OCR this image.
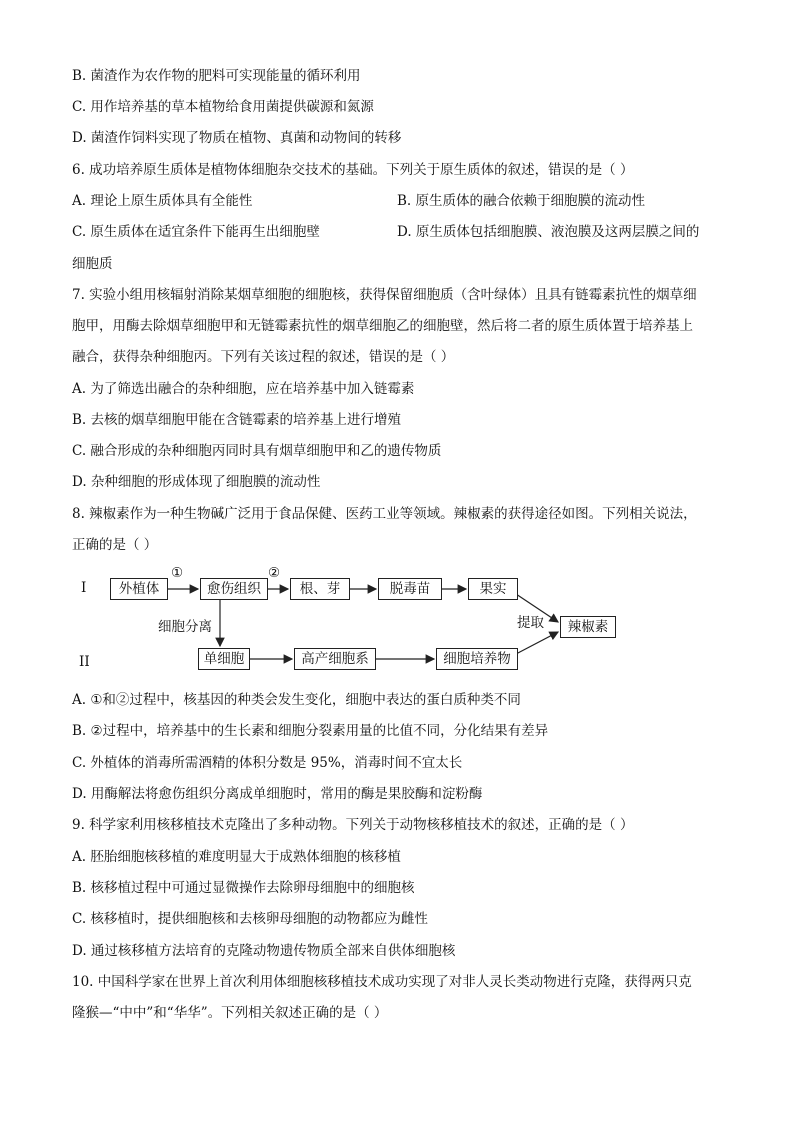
B. 菌渣作为农作物的肥料可实现能量的循环利用
C. 用作培养基的草本植物给食用菌提供碳源和氮源
D. 菌渣作饲料实现了物质在植物、真菌和动物间的转移
6. 成功培养原生质体是植物体细胞杂交技术的基础。下列关于原生质体的叙述，错误的是（ ）
A. 理论上原生质体具有全能性	B. 原生质体的融合依赖于细胞膜的流动性
C. 原生质体在适宜条件下能再生出细胞壁	D. 原生质体包括细胞膜、液泡膜及这两层膜之间的
细胞质
7. 实验小组用核辐射消除某烟草细胞的细胞核，获得保留细胞质（含叶绿体）且具有链霉素抗性的烟草细
胞甲，用酶去除烟草细胞甲和无链霉素抗性的烟草细胞乙的细胞壁，然后将二者的原生质体置于培养基上
融合，获得杂种细胞丙。下列有关该过程的叙述，错误的是（ ）
A. 为了筛选出融合的杂种细胞，应在培养基中加入链霉素
B. 去核的烟草细胞甲能在含链霉素的培养基上进行增殖
C. 融合形成的杂种细胞丙同时具有烟草细胞甲和乙的遗传物质
D. 杂种细胞的形成体现了细胞膜的流动性
8. 辣椒素作为一种生物碱广泛用于食品保健、医药工业等领域。辣椒素的获得途径如图。下列相关说法，
正确的是（ ）
I
II
外植体
①
愈伤组织
②
根、芽	脱毒苗	果实
辣椒素
提取
细胞分离
单细胞	高产细胞系	细胞培养物
A. ①和②过程中，核基因的种类会发生变化，细胞中表达的蛋白质种类不同
B. ②过程中，培养基中的生长素和细胞分裂素用量的比值不同，分化结果有差异
C. 外植体的消毒所需酒精的体积分数是 95%，消毒时间不宜太长
D. 用酶解法将愈伤组织分离成单细胞时，常用的酶是果胶酶和淀粉酶
9. 科学家利用核移植技术克隆出了多种动物。下列关于动物核移植技术的叙述，正确的是（ ）
A. 胚胎细胞核移植的难度明显大于成熟体细胞的核移植
B. 核移植过程中可通过显微操作去除卵母细胞中的细胞核
C. 核移植时，提供细胞核和去核卵母细胞的动物都应为雌性
D. 通过核移植方法培育的克隆动物遗传物质全部来自供体细胞核
10. 中国科学家在世界上首次利用体细胞核移植技术成功实现了对非人灵长类动物进行克隆，获得两只克
隆猴—“中中”和“华华”。下列相关叙述正确的是（ ）
